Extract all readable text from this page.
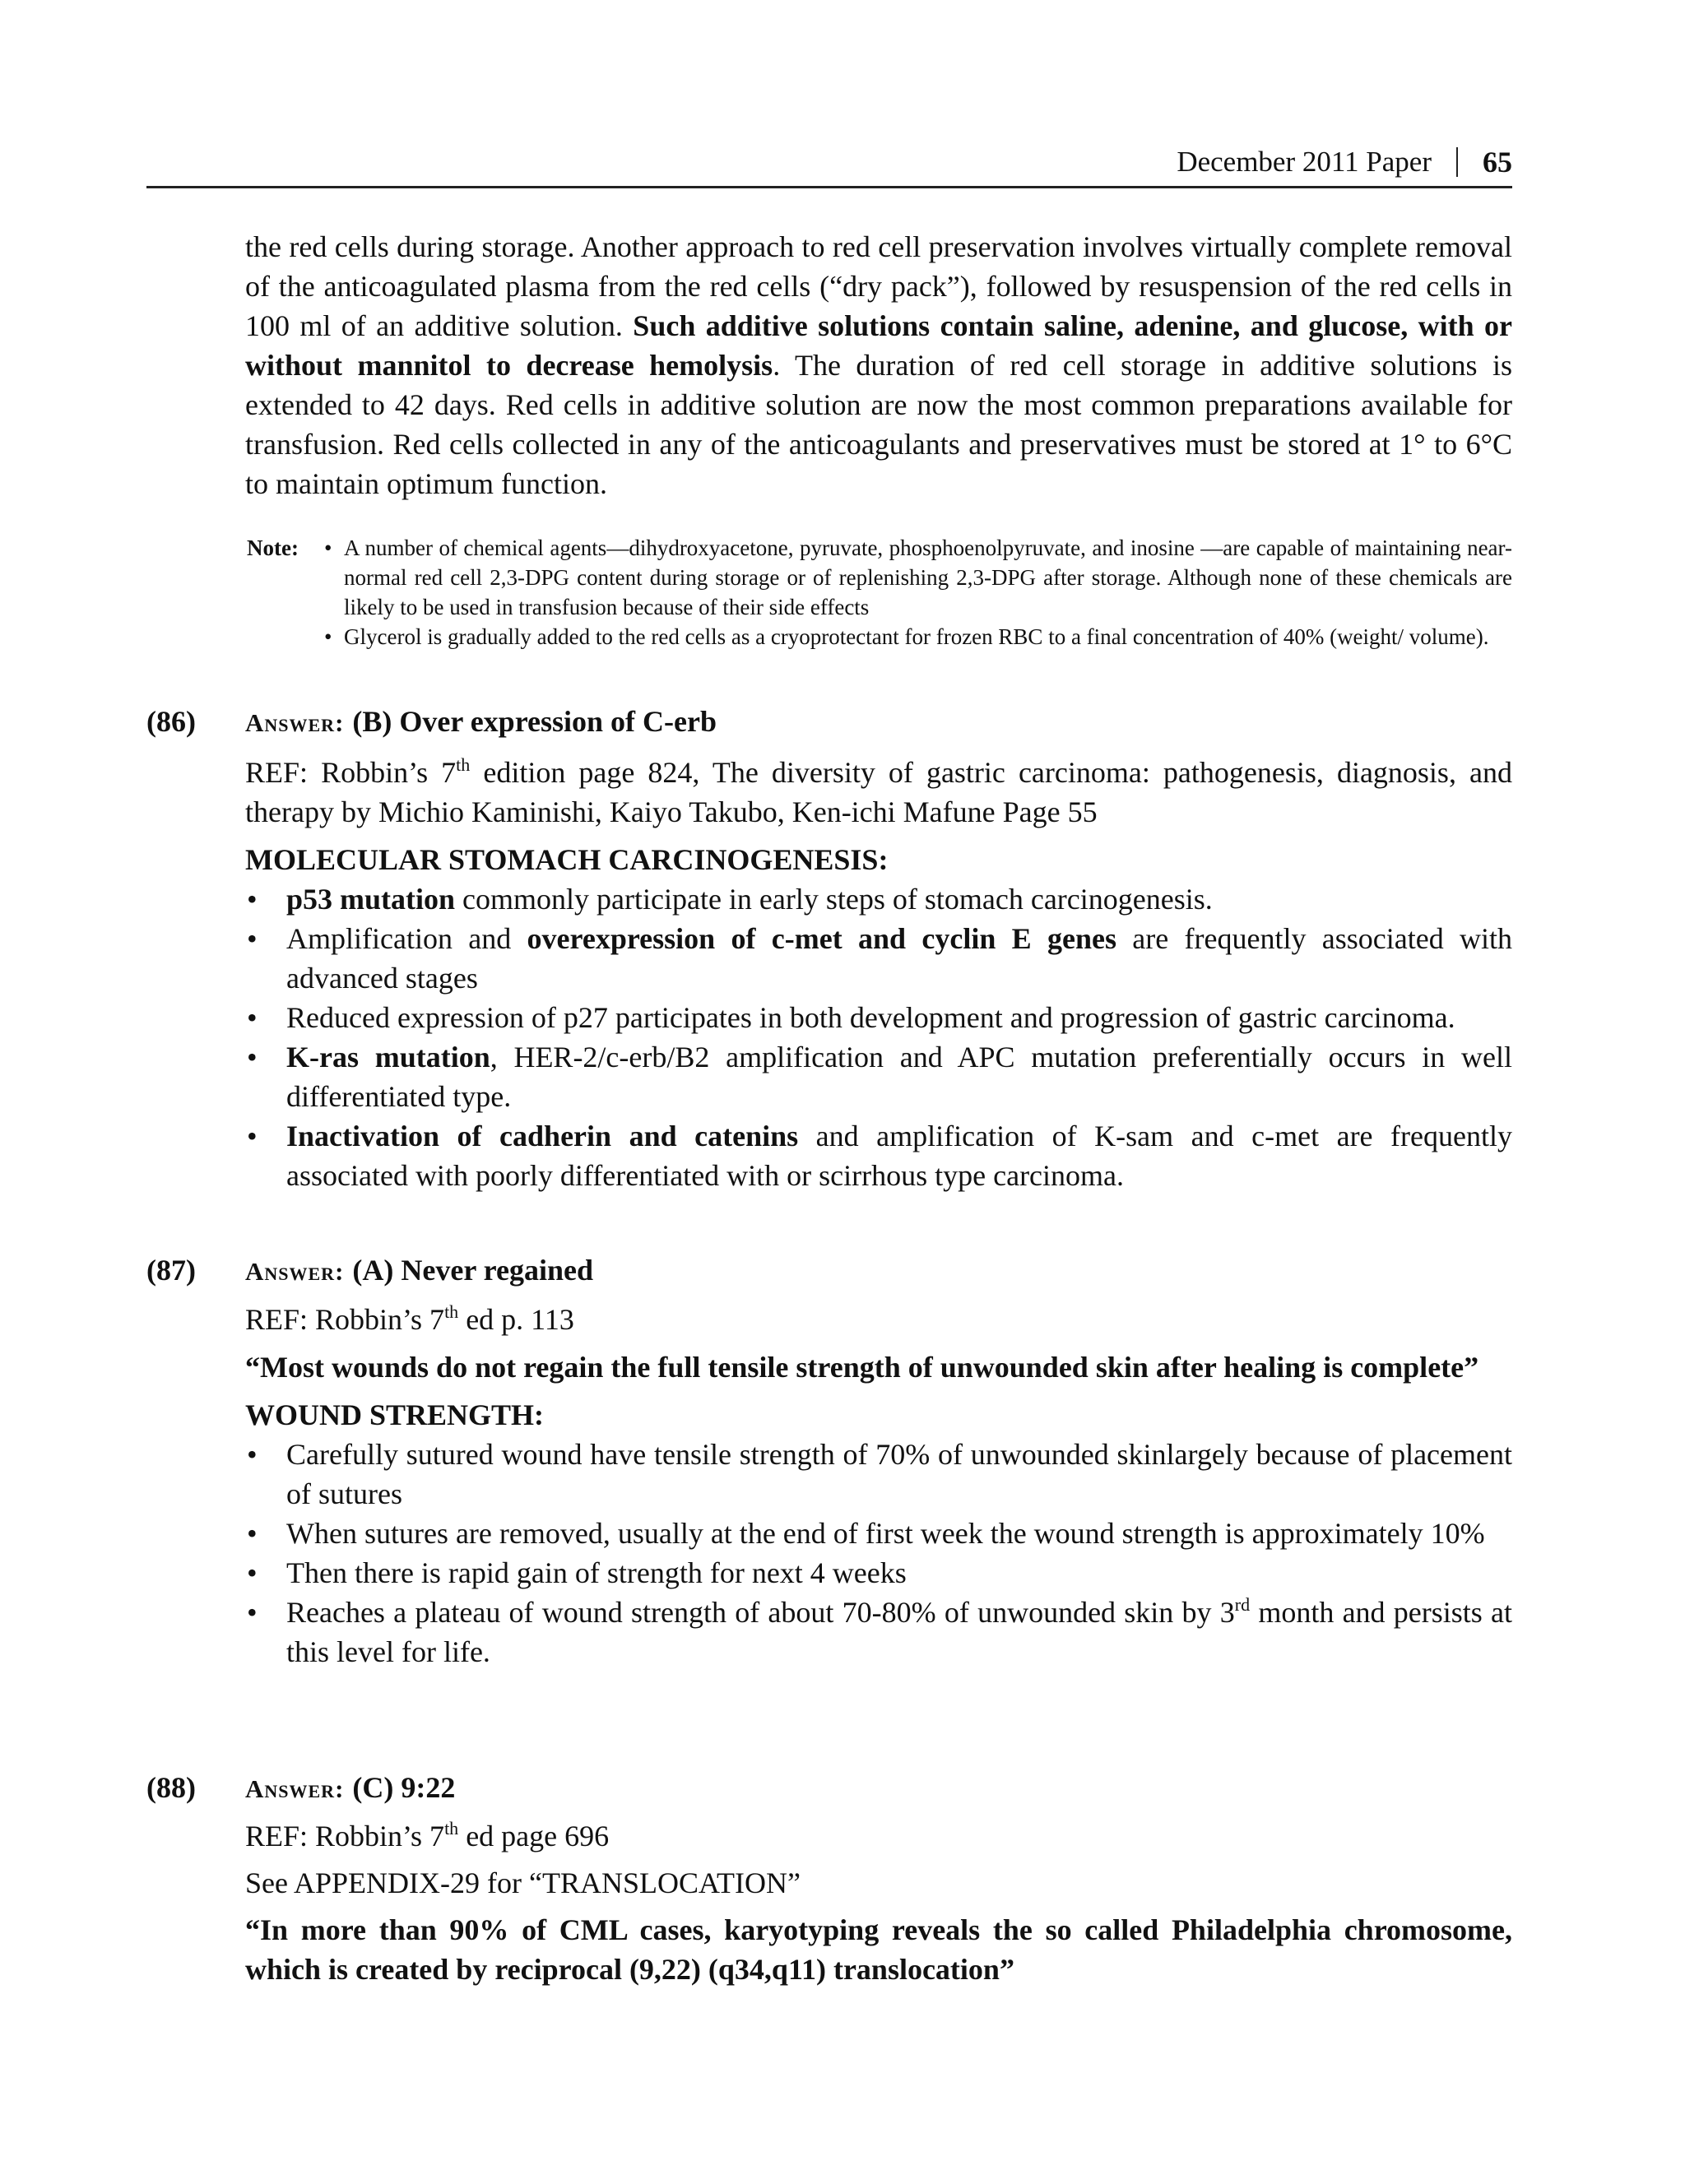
December 2011 Paper 65

the red cells during storage. Another approach to red cell preservation involves virtually complete removal of the anticoagulated plasma from the red cells (“dry pack”), followed by resuspension of the red cells in 100 ml of an additive solution. Such additive solutions contain saline, adenine, and glucose, with or without mannitol to decrease hemolysis. The duration of red cell storage in additive solutions is extended to 42 days. Red cells in additive solution are now the most common preparations available for transfusion. Red cells collected in any of the anticoagulants and preservatives must be stored at 1° to 6°C to maintain optimum function.

Note: • A number of chemical agents—dihydroxyacetone, pyruvate, phosphoenolpyruvate, and inosine —are capable of maintaining near-normal red cell 2,3-DPG content during storage or of replenishing 2,3-DPG after storage. Although none of these chemicals are likely to be used in transfusion because of their side effects
• Glycerol is gradually added to the red cells as a cryoprotectant for frozen RBC to a final concentration of 40% (weight/ volume).
(86) Answer: (B) Over expression of C-erb

REF: Robbin’s 7th edition page 824, The diversity of gastric carcinoma: pathogenesis, diagnosis, and therapy by Michio Kaminishi, Kaiyo Takubo, Ken-ichi Mafune Page 55

MOLECULAR STOMACH CARCINOGENESIS:

• p53 mutation commonly participate in early steps of stomach carcinogenesis.
• Amplification and overexpression of c-met and cyclin E genes are frequently associated with advanced stages
• Reduced expression of p27 participates in both development and progression of gastric carcinoma.
• K-ras mutation, HER-2/c-erb/B2 amplification and APC mutation preferentially occurs in well differentiated type.
• Inactivation of cadherin and catenins and amplification of K-sam and c-met are frequently associated with poorly differentiated with or scirrhous type carcinoma.
(87) Answer: (A) Never regained

REF: Robbin’s 7th ed p. 113

“Most wounds do not regain the full tensile strength of unwounded skin after healing is complete”

WOUND STRENGTH:

• Carefully sutured wound have tensile strength of 70% of unwounded skinlargely because of placement of sutures
• When sutures are removed, usually at the end of first week the wound strength is approximately 10%
• Then there is rapid gain of strength for next 4 weeks
• Reaches a plateau of wound strength of about 70-80% of unwounded skin by 3rd month and persists at this level for life.
(88) Answer: (C) 9:22

REF: Robbin’s 7th ed page 696

See APPENDIX-29 for “TRANSLOCATION”

“In more than 90% of CML cases, karyotyping reveals the so called Philadelphia chromosome, which is created by reciprocal (9,22) (q34,q11) translocation”
